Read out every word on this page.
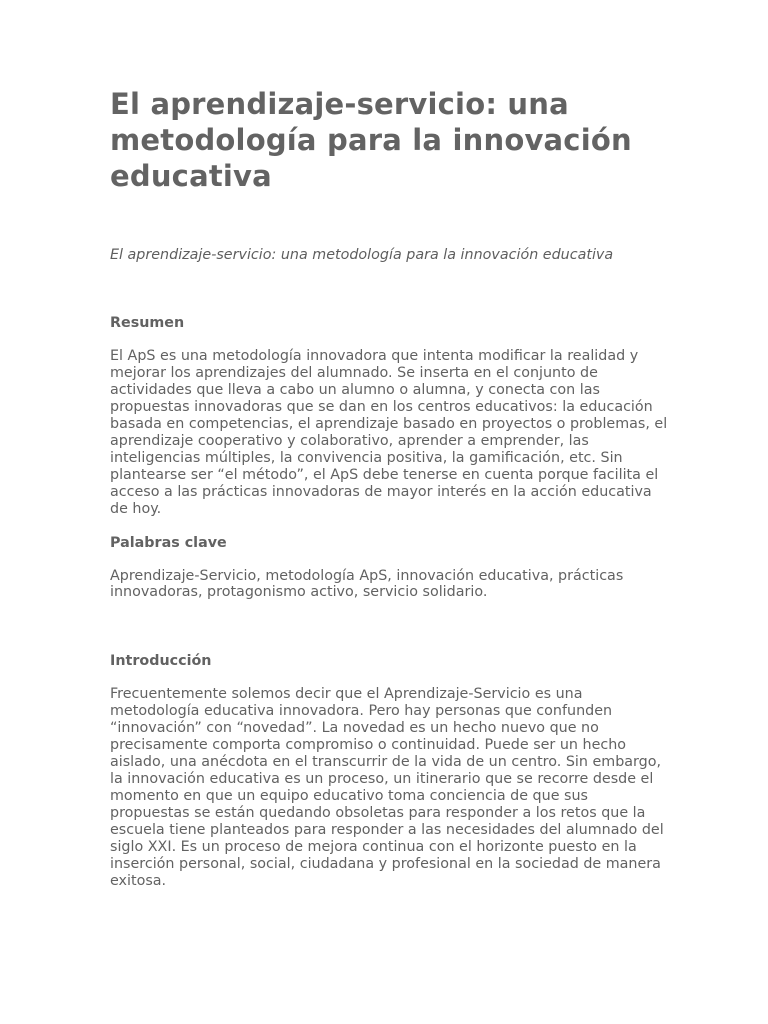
El aprendizaje-servicio: una metodología para la innovación educativa

El aprendizaje-servicio: una metodología para la innovación educativa

Resumen

El ApS es una metodología innovadora que intenta modificar la realidad y mejorar los aprendizajes del alumnado. Se inserta en el conjunto de actividades que lleva a cabo un alumno o alumna, y conecta con las propuestas innovadoras que se dan en los centros educativos: la educación basada en competencias, el aprendizaje basado en proyectos o problemas, el aprendizaje cooperativo y colaborativo, aprender a emprender, las inteligencias múltiples, la convivencia positiva, la gamificación, etc. Sin plantearse ser “el método”, el ApS debe tenerse en cuenta porque facilita el acceso a las prácticas innovadoras de mayor interés en la acción educativa de hoy.

Palabras clave

Aprendizaje-Servicio, metodología ApS, innovación educativa, prácticas innovadoras, protagonismo activo, servicio solidario.

Introducción

Frecuentemente solemos decir que el Aprendizaje-Servicio es una metodología educativa innovadora. Pero hay personas que confunden “innovación” con “novedad”. La novedad es un hecho nuevo que no precisamente comporta compromiso o continuidad. Puede ser un hecho aislado, una anécdota en el transcurrir de la vida de un centro. Sin embargo, la innovación educativa es un proceso, un itinerario que se recorre desde el momento en que un equipo educativo toma conciencia de que sus propuestas se están quedando obsoletas para responder a los retos que la escuela tiene planteados para responder a las necesidades del alumnado del siglo XXI. Es un proceso de mejora continua con el horizonte puesto en la inserción personal, social, ciudadana y profesional en la sociedad de manera exitosa.
